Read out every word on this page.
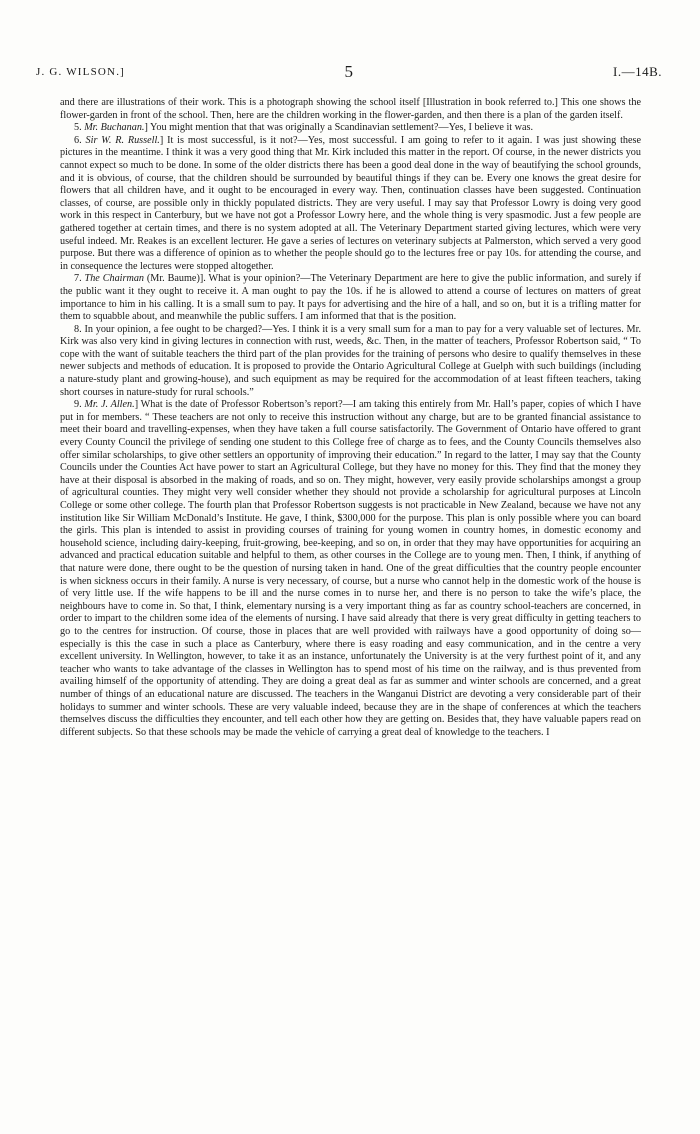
J. G. WILSON.]	5	I.—14B.

and there are illustrations of their work. This is a photograph showing the school itself [Illustration in book referred to.] This one shows the flower-garden in front of the school. Then, here are the children working in the flower-garden, and then there is a plan of the garden itself.

5. Mr. Buchanan.] You might mention that that was originally a Scandinavian settlement?—Yes, I believe it was.

6. Sir W. R. Russell.] It is most successful, is it not?—Yes, most successful. I am going to refer to it again. I was just showing these pictures in the meantime. I think it was a very good thing that Mr. Kirk included this matter in the report. Of course, in the newer districts you cannot expect so much to be done. In some of the older districts there has been a good deal done in the way of beautifying the school grounds, and it is obvious, of course, that the children should be surrounded by beautiful things if they can be. Every one knows the great desire for flowers that all children have, and it ought to be encouraged in every way. Then, continuation classes have been suggested. Continuation classes, of course, are possible only in thickly populated districts. They are very useful. I may say that Professor Lowry is doing very good work in this respect in Canterbury, but we have not got a Professor Lowry here, and the whole thing is very spasmodic. Just a few people are gathered together at certain times, and there is no system adopted at all. The Veterinary Department started giving lectures, which were very useful indeed. Mr. Reakes is an excellent lecturer. He gave a series of lectures on veterinary subjects at Palmerston, which served a very good purpose. But there was a difference of opinion as to whether the people should go to the lectures free or pay 10s. for attending the course, and in consequence the lectures were stopped altogether.

7. The Chairman (Mr. Baume)]. What is your opinion?—The Veterinary Department are here to give the public information, and surely if the public want it they ought to receive it. A man ought to pay the 10s. if he is allowed to attend a course of lectures on matters of great importance to him in his calling. It is a small sum to pay. It pays for advertising and the hire of a hall, and so on, but it is a trifling matter for them to squabble about, and meanwhile the public suffers. I am informed that that is the position.

8. In your opinion, a fee ought to be charged?—Yes. I think it is a very small sum for a man to pay for a very valuable set of lectures. Mr. Kirk was also very kind in giving lectures in connection with rust, weeds, &c. Then, in the matter of teachers, Professor Robertson said, “ To cope with the want of suitable teachers the third part of the plan provides for the training of persons who desire to qualify themselves in these newer subjects and methods of education. It is proposed to provide the Ontario Agricultural College at Guelph with such buildings (including a nature-study plant and growing-house), and such equipment as may be required for the accommodation of at least fifteen teachers, taking short courses in nature-study for rural schools.”

9. Mr. J. Allen.] What is the date of Professor Robertson’s report?—I am taking this entirely from Mr. Hall’s paper, copies of which I have put in for members. “ These teachers are not only to receive this instruction without any charge, but are to be granted financial assistance to meet their board and travelling-expenses, when they have taken a full course satisfactorily. The Government of Ontario have offered to grant every County Council the privilege of sending one student to this College free of charge as to fees, and the County Councils themselves also offer similar scholarships, to give other settlers an opportunity of improving their education.” In regard to the latter, I may say that the County Councils under the Counties Act have power to start an Agricultural College, but they have no money for this. They find that the money they have at their disposal is absorbed in the making of roads, and so on. They might, however, very easily provide scholarships amongst a group of agricultural counties. They might very well consider whether they should not provide a scholarship for agricultural purposes at Lincoln College or some other college. The fourth plan that Professor Robertson suggests is not practicable in New Zealand, because we have not any institution like Sir William McDonald’s Institute. He gave, I think, $300,000 for the purpose. This plan is only possible where you can board the girls. This plan is intended to assist in providing courses of training for young women in country homes, in domestic economy and household science, including dairy-keeping, fruit-growing, bee-keeping, and so on, in order that they may have opportunities for acquiring an advanced and practical education suitable and helpful to them, as other courses in the College are to young men. Then, I think, if anything of that nature were done, there ought to be the question of nursing taken in hand. One of the great difficulties that the country people encounter is when sickness occurs in their family. A nurse is very necessary, of course, but a nurse who cannot help in the domestic work of the house is of very little use. If the wife happens to be ill and the nurse comes in to nurse her, and there is no person to take the wife’s place, the neighbours have to come in. So that, I think, elementary nursing is a very important thing as far as country school-teachers are concerned, in order to impart to the children some idea of the elements of nursing. I have said already that there is very great difficulty in getting teachers to go to the centres for instruction. Of course, those in places that are well provided with railways have a good opportunity of doing so—especially is this the case in such a place as Canterbury, where there is easy roading and easy communication, and in the centre a very excellent university. In Wellington, however, to take it as an instance, unfortunately the University is at the very furthest point of it, and any teacher who wants to take advantage of the classes in Wellington has to spend most of his time on the railway, and is thus prevented from availing himself of the opportunity of attending. They are doing a great deal as far as summer and winter schools are concerned, and a great number of things of an educational nature are discussed. The teachers in the Wanganui District are devoting a very considerable part of their holidays to summer and winter schools. These are very valuable indeed, because they are in the shape of conferences at which the teachers themselves discuss the difficulties they encounter, and tell each other how they are getting on. Besides that, they have valuable papers read on different subjects. So that these schools may be made the vehicle of carrying a great deal of knowledge to the teachers. I
